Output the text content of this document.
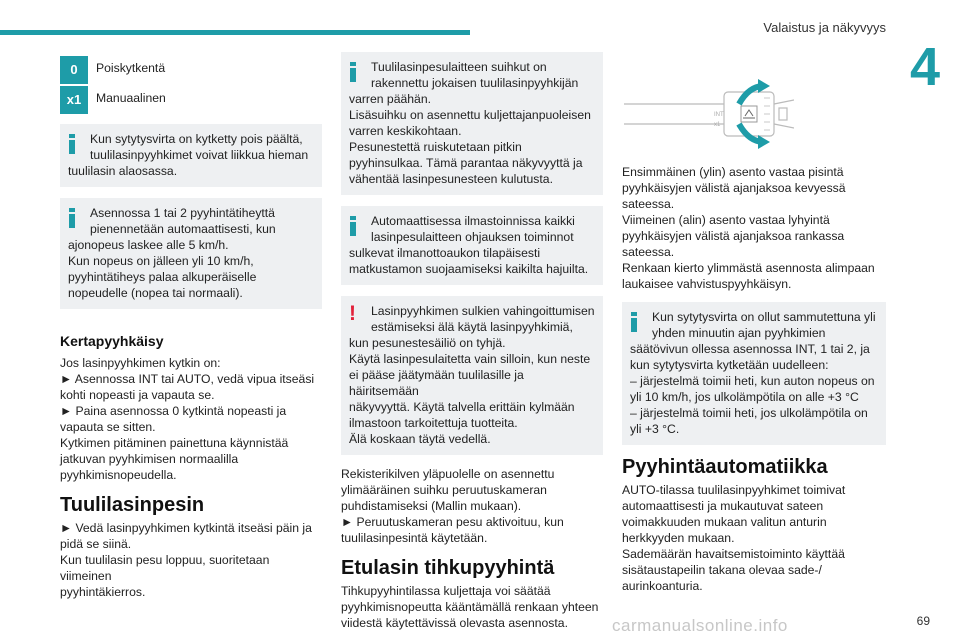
Valaistus ja näkyvyys
4
0	Poiskytkentä
x1	Manuaalinen

Kun sytytysvirta on kytketty pois päältä,

tuulilasinpyyhkimet voivat liikkua hieman

tuulilasin alaosassa.

Asennossa 1 tai 2 pyyhintätiheyttä

pienennetään automaattisesti, kun

ajonopeus laskee alle 5 km/h.

Kun nopeus on jälleen yli 10 km/h,

pyyhintätiheys palaa alkuperäiselle

nopeudelle (nopea tai normaali).

Kertapyyhkäisy

Jos lasinpyyhkimen kytkin on:

► Asennossa INT tai AUTO, vedä vipua itseäsi

kohti nopeasti ja vapauta se.

► Paina asennossa 0 kytkintä nopeasti ja

vapauta se sitten.

Kytkimen pitäminen painettuna käynnistää

jatkuvan pyyhkimisen normaalilla

pyyhkimisnopeudella.

Tuulilasinpesin

► Vedä lasinpyyhkimen kytkintä itseäsi päin ja

pidä se siinä.

Kun tuulilasin pesu loppuu, suoritetaan viimeinen

pyyhintäkierros.

Tuulilasinpesulaitteen suihkut on

rakennettu jokaisen tuulilasinpyyhkijän

varren päähän.

Lisäsuihku on asennettu kuljettajanpuoleisen

varren keskikohtaan.

Pesunestettä ruiskutetaan pitkin

pyyhinsulkaa. Tämä parantaa näkyvyyttä ja

vähentää lasinpesunesteen kulutusta.

Automaattisessa ilmastoinnissa kaikki

lasinpesulaitteen ohjauksen toiminnot

sulkevat ilmanottoaukon tilapäisesti

matkustamon suojaamiseksi kaikilta hajuilta.

!	Lasinpyyhkimen sulkien vahingoittumisen

estämiseksi älä käytä lasinpyyhkimiä,

kun pesunestesäiliö on tyhjä.

Käytä lasinpesulaitetta vain silloin, kun neste

ei pääse jäätymään tuulilasille ja häiritsemään

näkyvyyttä. Käytä talvella erittäin kylmään

ilmastoon tarkoitettuja tuotteita.

Älä koskaan täytä vedellä.

Rekisterikilven yläpuolelle on asennettu

ylimääräinen suihku peruutuskameran

puhdistamiseksi (Mallin mukaan).

► Peruutuskameran pesu aktivoituu, kun

tuulilasinpesintä käytetään.

Etulasin tihkupyyhintä

Tihkupyyhintilassa kuljettaja voi säätää

pyyhkimisnopeutta kääntämällä renkaan yhteen

viidestä käytettävissä olevasta asennosta.

INT
x1

Ensimmäinen (ylin) asento vastaa pisintä

pyyhkäisyjen välistä ajanjaksoa kevyessä

sateessa.

Viimeinen (alin) asento vastaa lyhyintä

pyyhkäisyjen välistä ajanjaksoa rankassa

sateessa.

Renkaan kierto ylimmästä asennosta alimpaan

laukaisee vahvistuspyyhkäisyn.

Kun sytytysvirta on ollut sammutettuna yli

yhden minuutin ajan pyyhkimien

säätövivun ollessa asennossa INT, 1 tai 2, ja

kun sytytysvirta kytketään uudelleen:

– järjestelmä toimii heti, kun auton nopeus on

yli 10 km/h, jos ulkolämpötila on alle +3 °C

– järjestelmä toimii heti, jos ulkolämpötila on

yli +3 °C.

Pyyhintäautomatiikka

AUTO-tilassa tuulilasinpyyhkimet toimivat

automaattisesti ja mukautuvat sateen

voimakkuuden mukaan valitun anturin

herkkyyden mukaan.

Sademäärän havaitsemistoiminto käyttää

sisätaustapeilin takana olevaa sade-/

aurinkoanturia.

carmanualsonline.info	69
